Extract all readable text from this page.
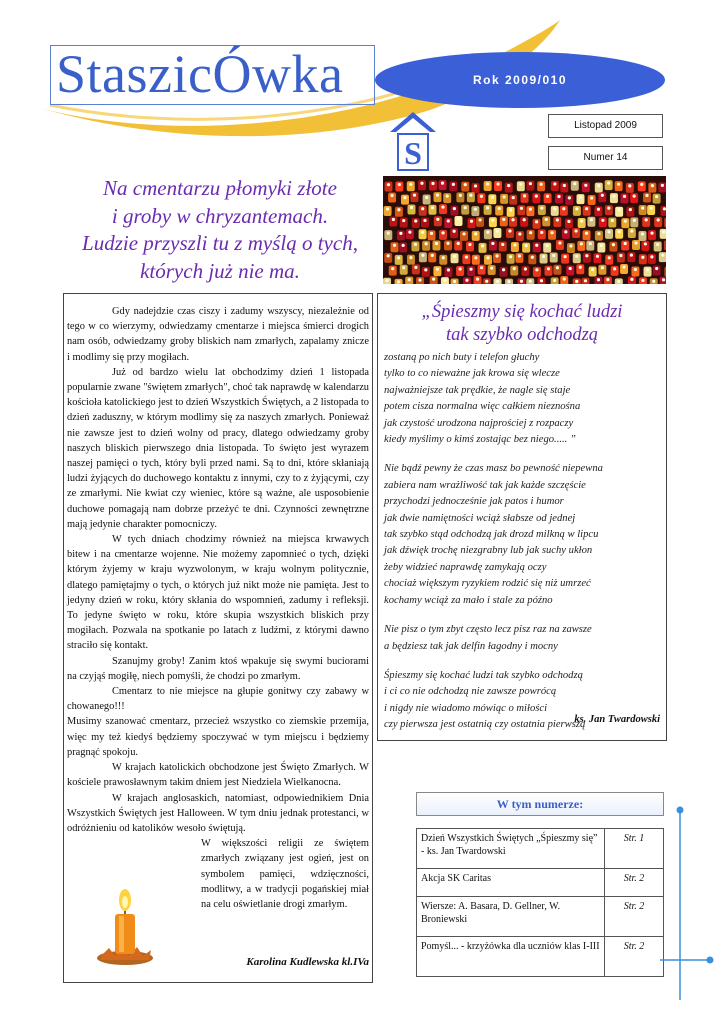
StaszicÓwka	Rok 2009/010
Listopad 2009
Numer 14
S
Na cmentarzu płomyki złote
i groby w chryzantemach.
Ludzie przyszli tu z myślą o tych,
których już nie ma.

Gdy nadejdzie czas ciszy i zadumy wszyscy, niezależnie od tego w co wierzymy, odwiedzamy cmentarze i miejsca śmierci drogich nam osób, odwiedzamy groby bliskich nam zmarłych, zapalamy znicze i modlimy się przy mogiłach.

Już od bardzo wielu lat obchodzimy dzień 1 listopada popularnie zwane "świętem zmarłych", choć tak naprawdę w kalendarzu kościoła katolickiego jest to dzień Wszystkich Świętych, a 2 listopada to dzień zaduszny, w którym modlimy się za naszych zmarłych. Ponieważ nie zawsze jest to dzień wolny od pracy, dlatego odwiedzamy groby naszych bliskich pierwszego dnia listopada. To święto jest wyrazem naszej pamięci o tych, który byli przed nami. Są to dni, które skłaniają ludzi żyjących do duchowego kontaktu z innymi, czy to z żyjącymi, czy ze zmarłymi. Nie kwiat czy wieniec, które są ważne, ale usposobienie duchowe pomagają nam dobrze przeżyć te dni. Czynności zewnętrzne mają jedynie charakter pomocniczy.

W tych dniach chodzimy również na miejsca krwawych bitew i na cmentarze wojenne. Nie możemy zapomnieć o tych, dzięki którym żyjemy w kraju wyzwolonym, w kraju wolnym politycznie, dlatego pamiętajmy o tych, o których już nikt może nie pamięta. Jest to jedyny dzień w roku, który skłania do wspomnień, zadumy i refleksji. To jedyne święto w roku, które skupia wszystkich bliskich przy mogiłach. Pozwala na spotkanie po latach z ludźmi, z którymi dawno straciło się kontakt.

Szanujmy groby! Zanim ktoś wpakuje się swymi buciorami na czyjąś mogiłę, niech pomyśli, że chodzi po zmarłym.

Cmentarz to nie miejsce na głupie gonitwy czy zabawy w chowanego!!!

Musimy szanować cmentarz, przecież wszystko co ziemskie przemija, więc my też kiedyś będziemy spoczywać w tym miejscu i będziemy pragnąć spokoju.

W krajach katolickich obchodzone jest Święto Zmarłych. W kościele prawosławnym takim dniem jest Niedziela Wielkanocna.

W krajach anglosaskich, natomiast, odpowiednikiem Dnia Wszystkich Świętych jest Halloween. W tym dniu jednak protestanci, w odróżnieniu od katolików wesoło świętują.

W większości religii ze świętem zmarłych związany jest ogień, jest on symbolem pamięci, wdzięczności, modlitwy, a w tradycji pogańskiej miał na celu oświetlanie drogi zmarłym.

Karolina Kudlewska kl.IVa
„Śpieszmy się kochać ludzi
tak szybko odchodzą
zostaną po nich buty i telefon głuchy
tylko to co nieważne jak krowa się wlecze
najważniejsze tak prędkie, że nagle się staje
potem cisza normalna więc całkiem nieznośna
jak czystość urodzona najprościej z rozpaczy
kiedy myślimy o kimś zostając bez niego..... ”
Nie bądź pewny że czas masz bo pewność niepewna
zabiera nam wrażliwość tak jak każde szczęście
przychodzi jednocześnie jak patos i humor
jak dwie namiętności wciąż słabsze od jednej
tak szybko stąd odchodzą jak drozd milkną w lipcu
jak dźwięk trochę niezgrabny lub jak suchy ukłon
żeby widzieć naprawdę zamykają oczy
chociaż większym ryzykiem rodzić się niż umrzeć
kochamy wciąż za mało i stale za późno
Nie pisz o tym zbyt często lecz pisz raz na zawsze
a będziesz tak jak delfin łagodny i mocny
Śpieszmy się kochać ludzi tak szybko odchodzą
i ci co nie odchodzą nie zawsze powrócą
i nigdy nie wiadomo mówiąc o miłości
czy pierwsza jest ostatnią czy ostatnia pierwszą
ks. Jan Twardowski
W tym numerze:
Dzień Wszystkich Świętych „Śpieszmy się” - ks. Jan Twardowski	Str. 1
Akcja SK Caritas	Str. 2
Wiersze: A. Basara, D. Gellner, W. Broniewski	Str. 2
Pomyśl... - krzyżówka dla uczniów klas I-III	Str. 2
